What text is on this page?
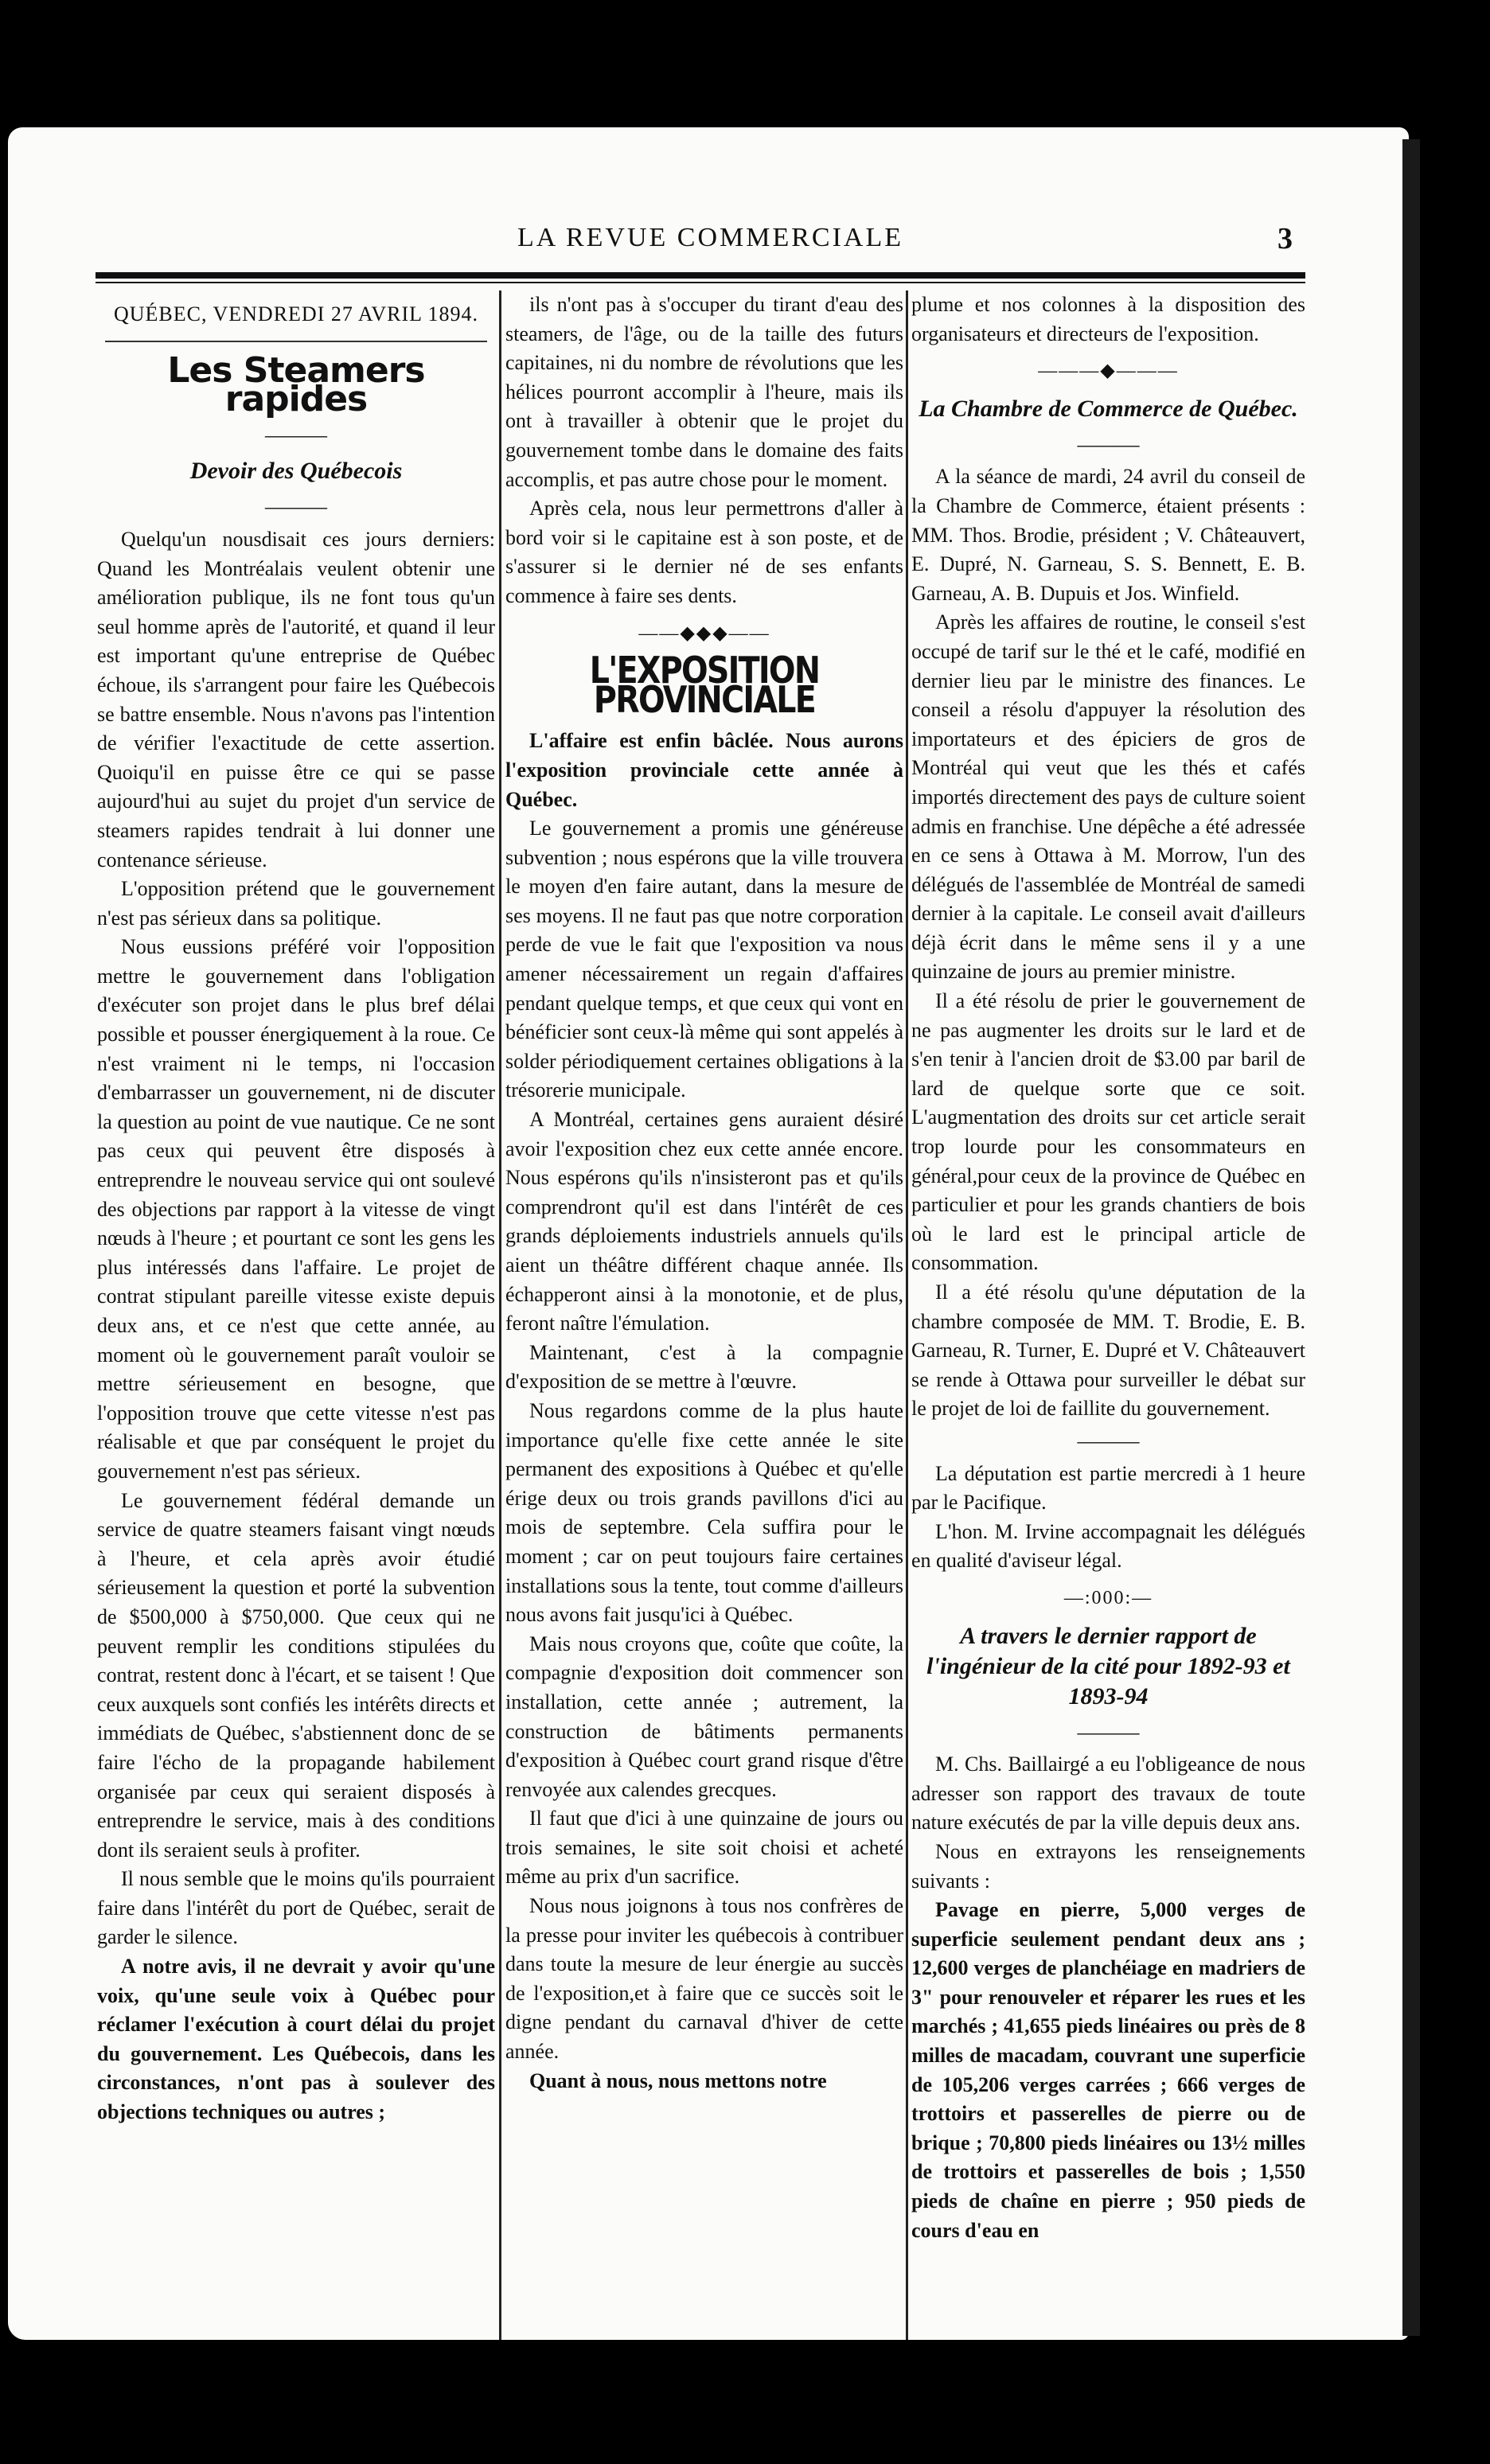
LA REVUE COMMERCIALE	3

QUÉBEC, VENDREDI 27 AVRIL 1894.

Les Steamers rapides

———

Devoir des Québecois

———

Quelqu'un nousdisait ces jours derniers: Quand les Montréalais veulent obtenir une amélioration publique, ils ne font tous qu'un seul homme après de l'autorité, et quand il leur est important qu'une entreprise de Québec échoue, ils s'arrangent pour faire les Québecois se battre ensemble. Nous n'avons pas l'intention de vérifier l'exactitude de cette assertion. Quoiqu'il en puisse être ce qui se passe aujourd'hui au sujet du projet d'un service de steamers rapides tendrait à lui donner une contenance sérieuse.

L'opposition prétend que le gouvernement n'est pas sérieux dans sa politique.

Nous eussions préféré voir l'opposition mettre le gouvernement dans l'obligation d'exécuter son projet dans le plus bref délai possible et pousser énergiquement à la roue. Ce n'est vraiment ni le temps, ni l'occasion d'embarrasser un gouvernement, ni de discuter la question au point de vue nautique. Ce ne sont pas ceux qui peuvent être disposés à entreprendre le nouveau service qui ont soulevé des objections par rapport à la vitesse de vingt nœuds à l'heure ; et pourtant ce sont les gens les plus intéressés dans l'affaire. Le projet de contrat stipulant pareille vitesse existe depuis deux ans, et ce n'est que cette année, au moment où le gouvernement paraît vouloir se mettre sérieusement en besogne, que l'opposition trouve que cette vitesse n'est pas réalisable et que par conséquent le projet du gouvernement n'est pas sérieux.

Le gouvernement fédéral demande un service de quatre steamers faisant vingt nœuds à l'heure, et cela après avoir étudié sérieusement la question et porté la subvention de $500,000 à $750,000. Que ceux qui ne peuvent remplir les conditions stipulées du contrat, restent donc à l'écart, et se taisent ! Que ceux auxquels sont confiés les intérêts directs et immédiats de Québec, s'abstiennent donc de se faire l'écho de la propagande habilement organisée par ceux qui seraient disposés à entreprendre le service, mais à des conditions dont ils seraient seuls à profiter.

Il nous semble que le moins qu'ils pourraient faire dans l'intérêt du port de Québec, serait de garder le silence.

A notre avis, il ne devrait y avoir qu'une voix, qu'une seule voix à Québec pour réclamer l'exécution à court délai du projet du gouvernement. Les Québecois, dans les circonstances, n'ont pas à soulever des objections techniques ou autres ;

ils n'ont pas à s'occuper du tirant d'eau des steamers, de l'âge, ou de la taille des futurs capitaines, ni du nombre de révolutions que les hélices pourront accomplir à l'heure, mais ils ont à travailler à obtenir que le projet du gouvernement tombe dans le domaine des faits accomplis, et pas autre chose pour le moment.

Après cela, nous leur permettrons d'aller à bord voir si le capitaine est à son poste, et de s'assurer si le dernier né de ses enfants commence à faire ses dents.

——◆◆◆——

L'EXPOSITION PROVINCIALE

L'affaire est enfin bâclée. Nous aurons l'exposition provinciale cette année à Québec.

Le gouvernement a promis une généreuse subvention ; nous espérons que la ville trouvera le moyen d'en faire autant, dans la mesure de ses moyens. Il ne faut pas que notre corporation perde de vue le fait que l'exposition va nous amener nécessairement un regain d'affaires pendant quelque temps, et que ceux qui vont en bénéficier sont ceux-là même qui sont appelés à solder périodiquement certaines obligations à la trésorerie municipale.

A Montréal, certaines gens auraient désiré avoir l'exposition chez eux cette année encore. Nous espérons qu'ils n'insisteront pas et qu'ils comprendront qu'il est dans l'intérêt de ces grands déploiements industriels annuels qu'ils aient un théâtre différent chaque année. Ils échapperont ainsi à la monotonie, et de plus, feront naître l'émulation.

Maintenant, c'est à la compagnie d'exposition de se mettre à l'œuvre.

Nous regardons comme de la plus haute importance qu'elle fixe cette année le site permanent des expositions à Québec et qu'elle érige deux ou trois grands pavillons d'ici au mois de septembre. Cela suffira pour le moment ; car on peut toujours faire certaines installations sous la tente, tout comme d'ailleurs nous avons fait jusqu'ici à Québec.

Mais nous croyons que, coûte que coûte, la compagnie d'exposition doit commencer son installation, cette année ; autrement, la construction de bâtiments permanents d'exposition à Québec court grand risque d'être renvoyée aux calendes grecques.

Il faut que d'ici à une quinzaine de jours ou trois semaines, le site soit choisi et acheté même au prix d'un sacrifice.

Nous nous joignons à tous nos confrères de la presse pour inviter les québecois à contribuer dans toute la mesure de leur énergie au succès de l'exposition,et à faire que ce succès soit le digne pendant du carnaval d'hiver de cette année.

Quant à nous, nous mettons notre

plume et nos colonnes à la disposition des organisateurs et directeurs de l'exposition.

———◆———

La Chambre de Commerce de Québec.

———

A la séance de mardi, 24 avril du conseil de la Chambre de Commerce, étaient présents : MM. Thos. Brodie, président ; V. Châteauvert, E. Dupré, N. Garneau, S. S. Bennett, E. B. Garneau, A. B. Dupuis et Jos. Winfield.

Après les affaires de routine, le conseil s'est occupé de tarif sur le thé et le café, modifié en dernier lieu par le ministre des finances. Le conseil a résolu d'appuyer la résolution des importateurs et des épiciers de gros de Montréal qui veut que les thés et cafés importés directement des pays de culture soient admis en franchise. Une dépêche a été adressée en ce sens à Ottawa à M. Morrow, l'un des délégués de l'assemblée de Montréal de samedi dernier à la capitale. Le conseil avait d'ailleurs déjà écrit dans le même sens il y a une quinzaine de jours au premier ministre.

Il a été résolu de prier le gouvernement de ne pas augmenter les droits sur le lard et de s'en tenir à l'ancien droit de $3.00 par baril de lard de quelque sorte que ce soit. L'augmentation des droits sur cet article serait trop lourde pour les consommateurs en général,pour ceux de la province de Québec en particulier et pour les grands chantiers de bois où le lard est le principal article de consommation.

Il a été résolu qu'une députation de la chambre composée de MM. T. Brodie, E. B. Garneau, R. Turner, E. Dupré et V. Châteauvert se rende à Ottawa pour surveiller le débat sur le projet de loi de faillite du gouvernement.

———

La députation est partie mercredi à 1 heure par le Pacifique.

L'hon. M. Irvine accompagnait les délégués en qualité d'aviseur légal.

—:000:—

A travers le dernier rapport de l'ingénieur de la cité pour 1892-93 et 1893-94

———

M. Chs. Baillairgé a eu l'obligeance de nous adresser son rapport des travaux de toute nature exécutés de par la ville depuis deux ans.

Nous en extrayons les renseignements suivants :

Pavage en pierre, 5,000 verges de superficie seulement pendant deux ans ; 12,600 verges de planchéiage en madriers de 3" pour renouveler et réparer les rues et les marchés ; 41,655 pieds linéaires ou près de 8 milles de macadam, couvrant une superficie de 105,206 verges carrées ; 666 verges de trottoirs et passerelles de pierre ou de brique ; 70,800 pieds linéaires ou 13½ milles de trottoirs et passerelles de bois ; 1,550 pieds de chaîne en pierre ; 950 pieds de cours d'eau en
